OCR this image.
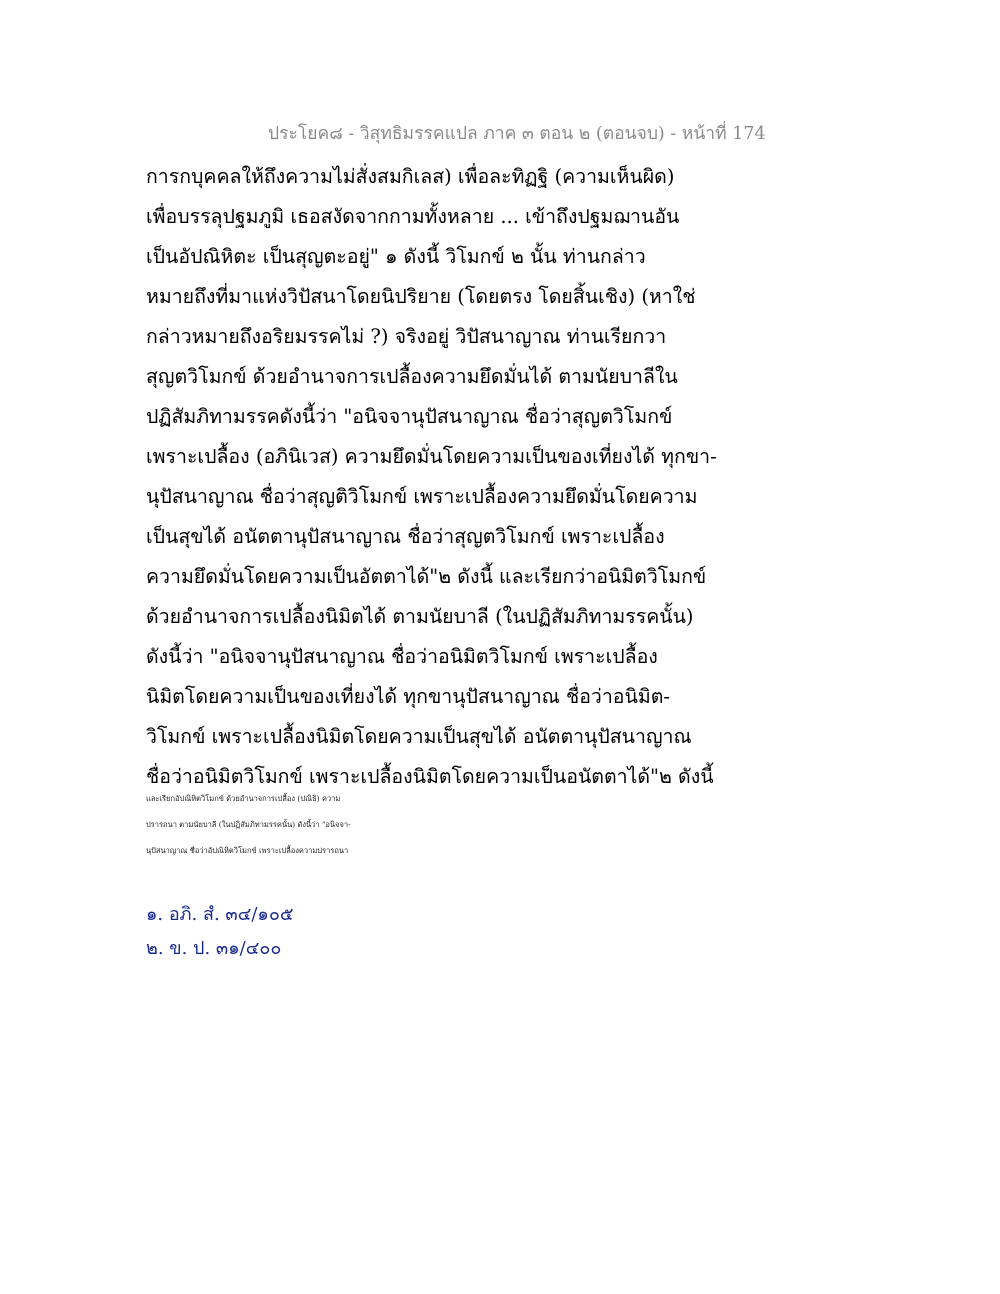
ประโยค๘ - วิสุทธิมรรคแปล ภาค ๓ ตอน ๒ (ตอนจบ) - หน้าที่ 174
การกบุคคลให้ถึงความไม่สั่งสมกิเลส) เพื่อละทิฏฐิ (ความเห็นผิด)
เพื่อบรรลุปฐมภูมิ เธอสงัดจากกามทั้งหลาย ... เข้าถึงปฐมฌานอัน
เป็นอัปณิหิตะ เป็นสุญตะอยู่" ๑ ดังนี้ วิโมกข์ ๒ นั้น ท่านกล่าว
หมายถึงที่มาแห่งวิปัสนาโดยนิปริยาย (โดยตรง โดยสิ้นเชิง) (หาใช่
กล่าวหมายถึงอริยมรรคไม่ ?) จริงอยู่ วิปัสนาญาณ ท่านเรียกวา
สุญตวิโมกข์ ด้วยอำนาจการเปลื้องความยึดมั่นได้ ตามนัยบาลีใน
ปฏิสัมภิทามรรคดังนี้ว่า "อนิจจานุปัสนาญาณ ชื่อว่าสุญตวิโมกข์
เพราะเปลื้อง (อภินิเวส) ความยึดมั่นโดยความเป็นของเที่ยงได้ ทุกขา-
นุปัสนาญาณ ชื่อว่าสุญติวิโมกข์ เพราะเปลื้องความยึดมั่นโดยความ
เป็นสุขได้ อนัตตานุปัสนาญาณ ชื่อว่าสุญตวิโมกข์ เพราะเปลื้อง
ความยึดมั่นโดยความเป็นอัตตาได้"๒ ดังนี้ และเรียกว่าอนิมิตวิโมกข์
ด้วยอำนาจการเปลื้องนิมิตได้ ตามนัยบาลี (ในปฏิสัมภิทามรรคนั้น)
ดังนี้ว่า "อนิจจานุปัสนาญาณ ชื่อว่าอนิมิตวิโมกข์ เพราะเปลื้อง
นิมิตโดยความเป็นของเที่ยงได้ ทุกขานุปัสนาญาณ ชื่อว่าอนิมิต-
วิโมกข์ เพราะเปลื้องนิมิตโดยความเป็นสุขได้ อนัตตานุปัสนาญาณ
ชื่อว่าอนิมิตวิโมกข์ เพราะเปลื้องนิมิตโดยความเป็นอนัตตาได้"๒ ดังนี้
และเรียกอัปณิหิตวิโมกข์ ด้วยอำนาจการเปลื้อง (ปณิธิ) ความ
ปรารถนา ตามนัยบาลี (ในปฏิสัมภิทามรรคนั้น) ดังนี้ว่า "อนิจจา-
นุปัสนาญาณ ชื่อว่าอัปณิหิตวิโมกข์ เพราะเปลื้องความปรารถนา
๑. อภิ. สํ. ๓๔/๑๐๕
๒. ข. ป. ๓๑/๔๐๐
